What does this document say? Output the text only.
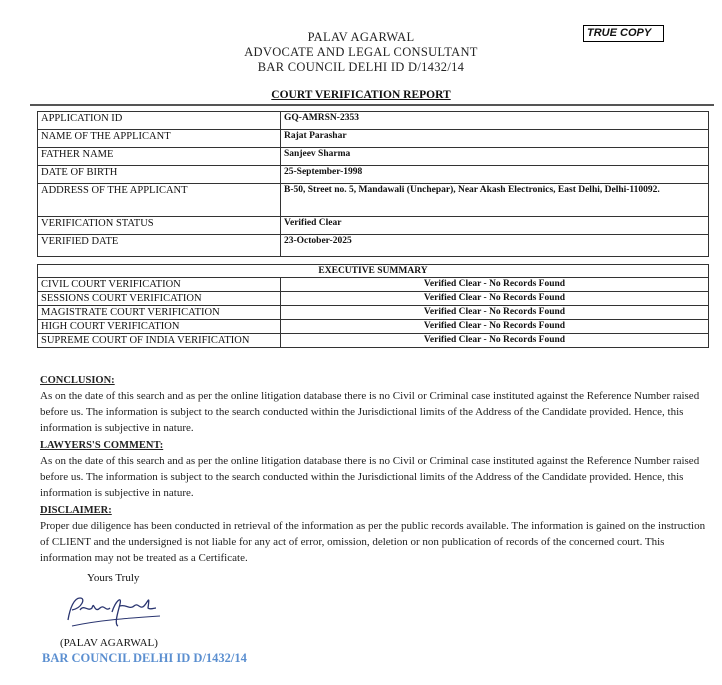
PALAV AGARWAL
ADVOCATE AND LEGAL CONSULTANT
BAR COUNCIL DELHI ID D/1432/14
TRUE COPY
COURT VERIFICATION REPORT
APPLICATION ID	GQ-AMRSN-2353
NAME OF THE APPLICANT	Rajat Parashar
FATHER NAME	Sanjeev Sharma
DATE OF BIRTH	25-September-1998
ADDRESS OF THE APPLICANT	B-50, Street no. 5, Mandawali (Unchepar), Near Akash Electronics, East Delhi, Delhi-110092.
VERIFICATION STATUS	Verified Clear
VERIFIED DATE	23-October-2025
EXECUTIVE SUMMARY	
CIVIL COURT VERIFICATION	Verified Clear - No Records Found
SESSIONS COURT VERIFICATION	Verified Clear - No Records Found
MAGISTRATE COURT VERIFICATION	Verified Clear - No Records Found
HIGH COURT VERIFICATION	Verified Clear - No Records Found
SUPREME COURT OF INDIA VERIFICATION	Verified Clear - No Records Found
CONCLUSION:

As on the date of this search and as per the online litigation database there is no Civil or Criminal case instituted against the Reference Number raised before us. The information is subject to the search conducted within the Jurisdictional limits of the Address of the Candidate provided. Hence, this information is subjective in nature.

LAWYERS'S COMMENT:

As on the date of this search and as per the online litigation database there is no Civil or Criminal case instituted against the Reference Number raised before us. The information is subject to the search conducted within the Jurisdictional limits of the Address of the Candidate provided. Hence, this information is subjective in nature.

DISCLAIMER:

Proper due diligence has been conducted in retrieval of the information as per the public records available. The information is gained on the instruction of CLIENT and the undersigned is not liable for any act of error, omission, deletion or non publication of records of the concerned court. This information may not be treated as a Certificate.

Yours Truly
(PALAV AGARWAL)
BAR COUNCIL DELHI ID D/1432/14
